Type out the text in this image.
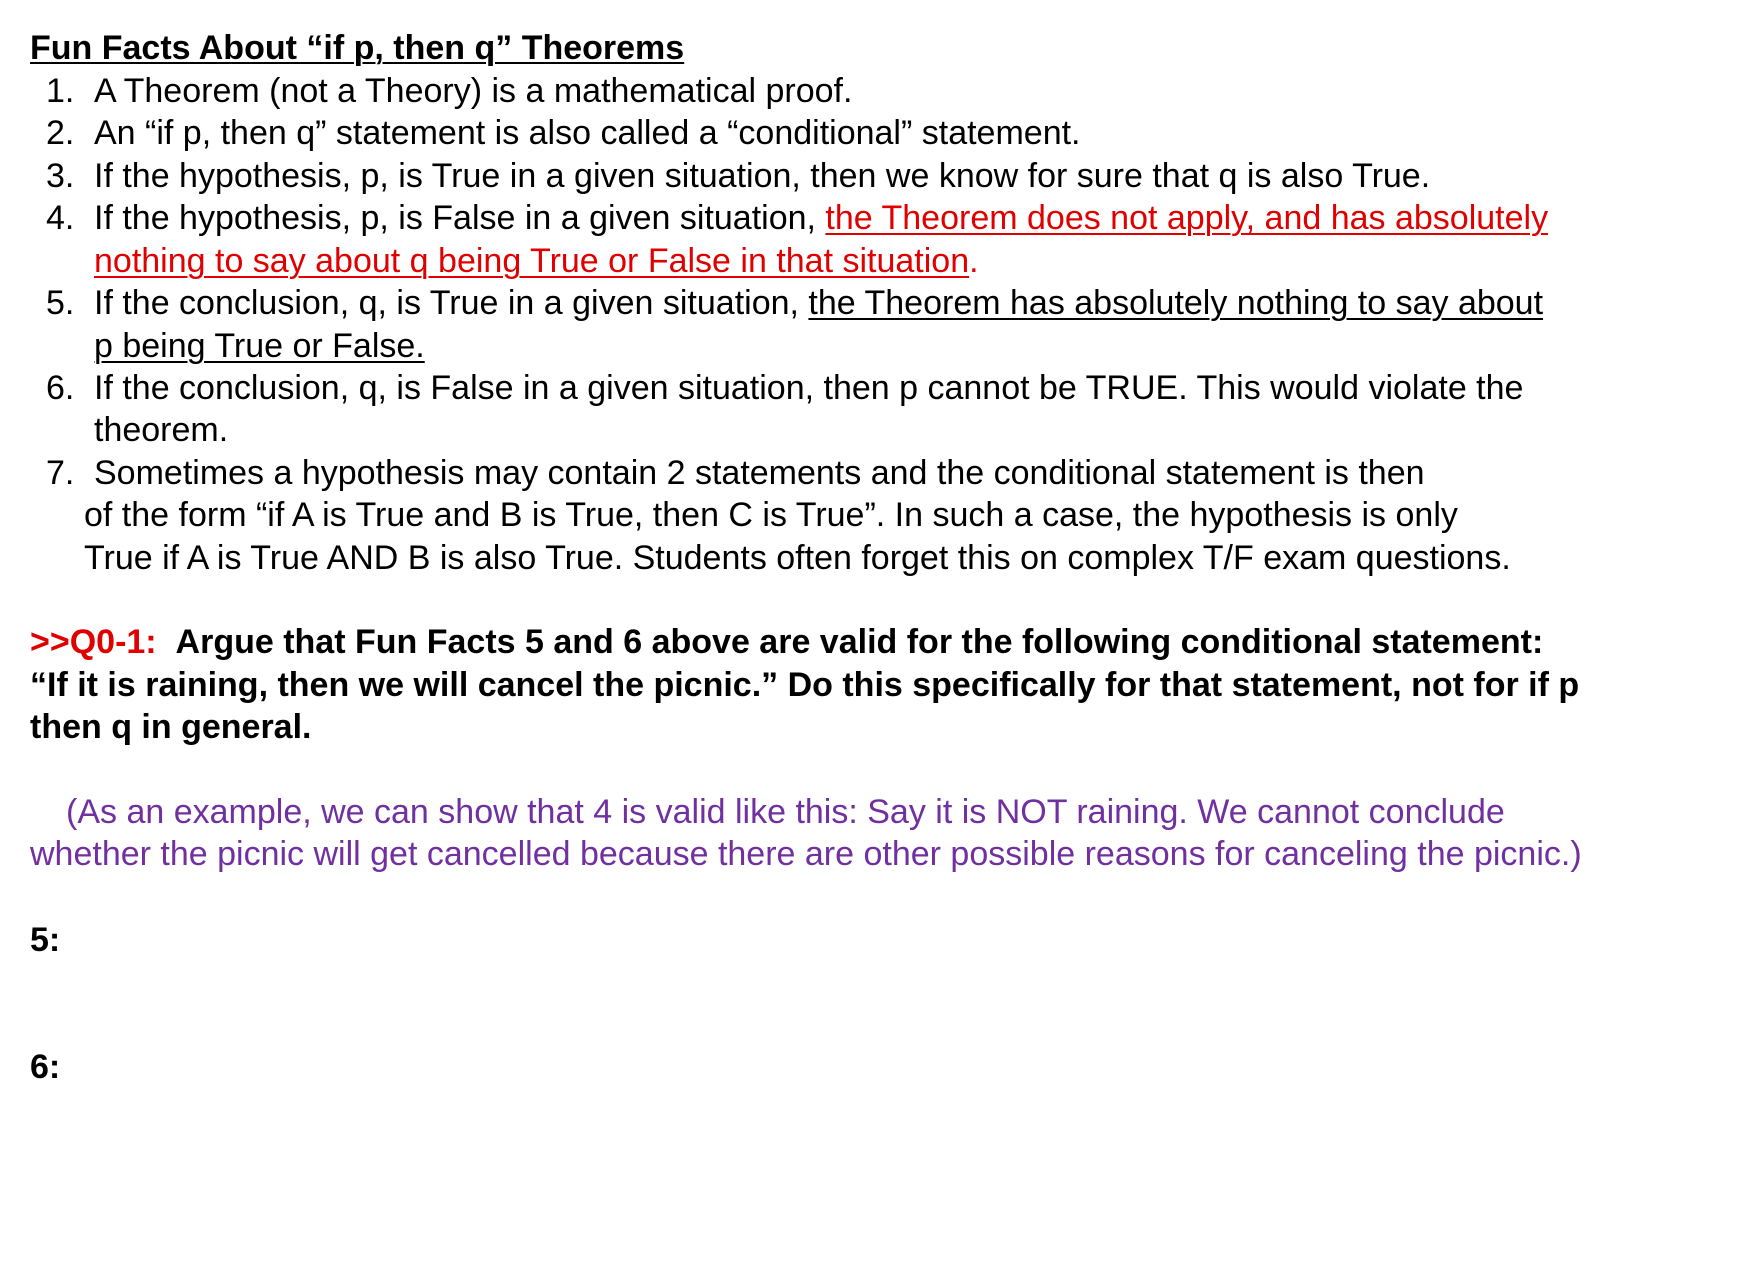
Fun Facts About “if p, then q” Theorems
1. A Theorem (not a Theory) is a mathematical proof.
2. An “if p, then q” statement is also called a “conditional” statement.
3. If the hypothesis, p, is True in a given situation, then we know for sure that q is also True.
4. If the hypothesis, p, is False in a given situation, the Theorem does not apply, and has absolutely
nothing to say about q being True or False in that situation.
5. If the conclusion, q, is True in a given situation, the Theorem has absolutely nothing to say about
p being True or False.
6. If the conclusion, q, is False in a given situation, then p cannot be TRUE. This would violate the
theorem.
7. Sometimes a hypothesis may contain 2 statements and the conditional statement is then
of the form “if A is True and B is True, then C is True”. In such a case, the hypothesis is only
True if A is True AND B is also True. Students often forget this on complex T/F exam questions.
>>Q0-1: Argue that Fun Facts 5 and 6 above are valid for the following conditional statement:
“If it is raining, then we will cancel the picnic.” Do this specifically for that statement, not for if p
then q in general.
(As an example, we can show that 4 is valid like this: Say it is NOT raining. We cannot conclude
whether the picnic will get cancelled because there are other possible reasons for canceling the picnic.)
5:
6:
